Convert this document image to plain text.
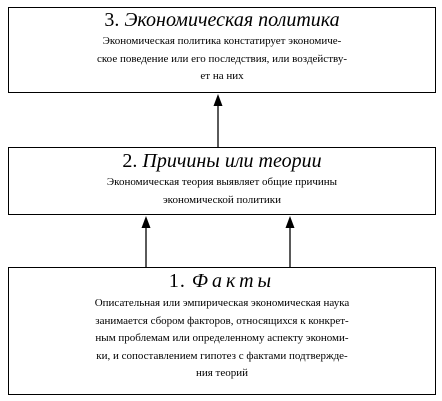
3. Экономическая политика
Экономическая политика констатирует экономиче-
ское поведение или его последствия, или воздейству-
ет на них
2. Причины или теории
Экономическая теория выявляет общие причины
экономической политики
1. Факты
Описательная или эмпирическая экономическая наука
занимается сбором факторов, относящихся к конкрет-
ным проблемам или определенному аспекту экономи-
ки, и сопоставлением гипотез с фактами подтвержде-
ния теорий
